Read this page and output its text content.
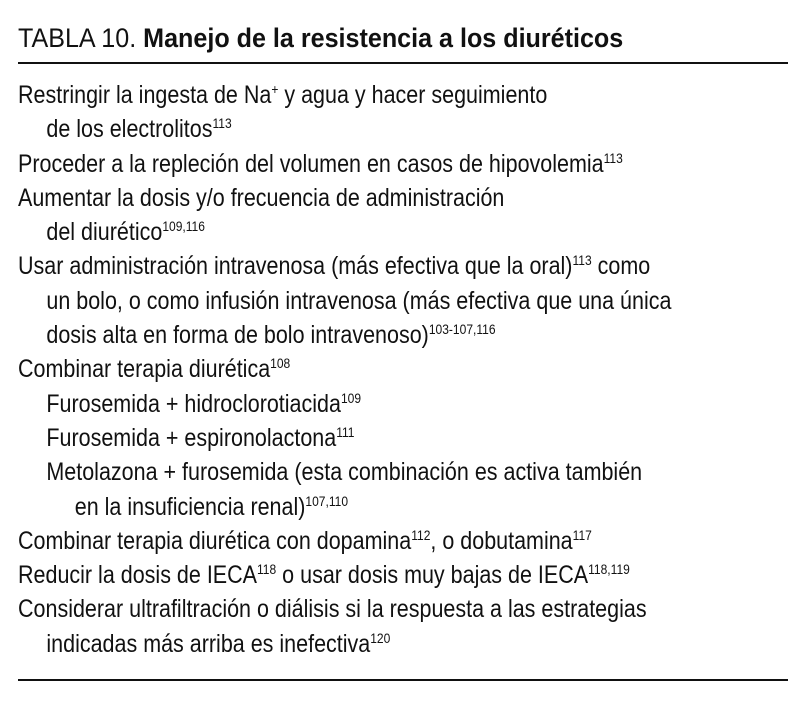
TABLA 10. Manejo de la resistencia a los diuréticos
Restringir la ingesta de Na+ y agua y hacer seguimiento
de los electrolitos$^{113}$
Proceder a la repleción del volumen en casos de hipovolemia$^{113}$
Aumentar la dosis y/o frecuencia de administración
del diurético$^{109,116}$
Usar administración intravenosa (más efectiva que la oral)$^{113}$ como
un bolo, o como infusión intravenosa (más efectiva que una única
dosis alta en forma de bolo intravenoso)$^{103-107,116}$
Combinar terapia diurética$^{108}$
Furosemida + hidroclorotiacida$^{109}$
Furosemida + espironolactona$^{111}$
Metolazona + furosemida (esta combinación es activa también
en la insuficiencia renal)$^{107,110}$
Combinar terapia diurética con dopamina$^{112}$, o dobutamina$^{117}$
Reducir la dosis de IECA$^{118}$ o usar dosis muy bajas de IECA$^{118,119}$
Considerar ultrafiltración o diálisis si la respuesta a las estrategias
indicadas más arriba es inefectiva$^{120}$
